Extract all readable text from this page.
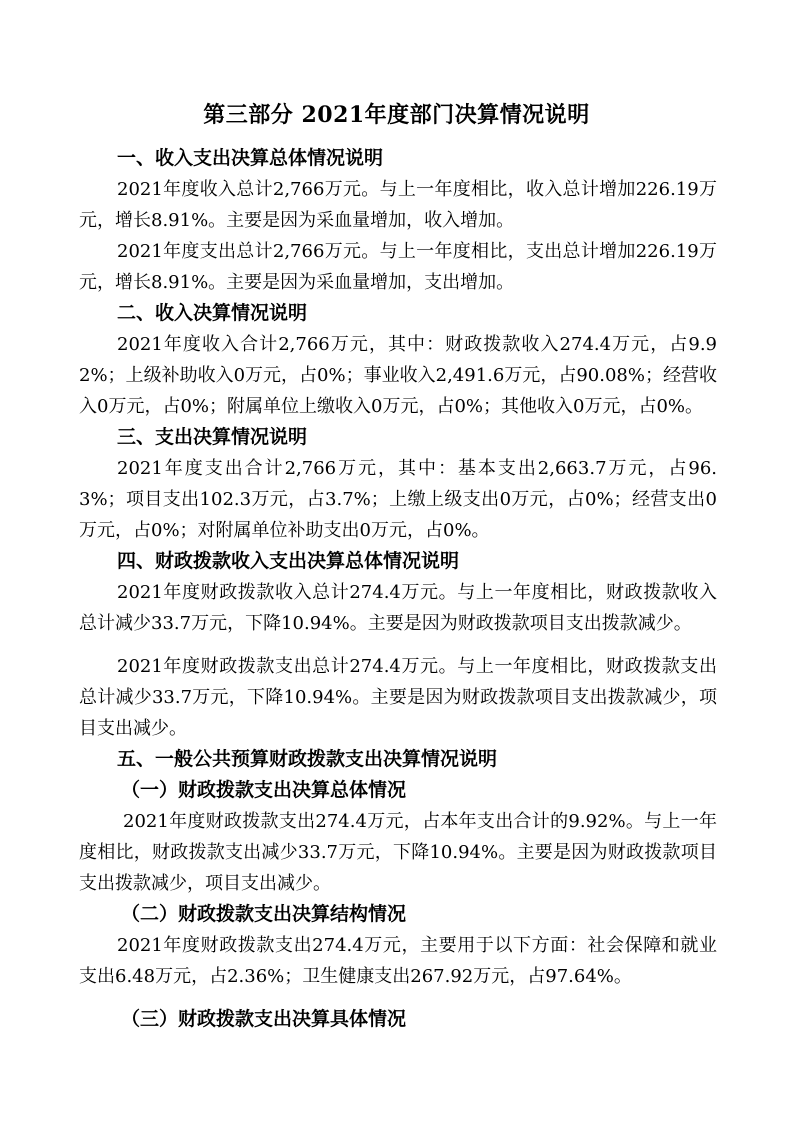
第三部分 2021年度部门决算情况说明
一、收入支出决算总体情况说明

2021年度收入总计2,766万元。与上一年度相比，收入总计增加226.19万元，增长8.91%。主要是因为采血量增加，收入增加。

2021年度支出总计2,766万元。与上一年度相比，支出总计增加226.19万元，增长8.91%。主要是因为采血量增加，支出增加。

二、收入决算情况说明

2021年度收入合计2,766万元，其中：财政拨款收入274.4万元，占9.92%；上级补助收入0万元，占0%；事业收入2,491.6万元，占90.08%；经营收入0万元，占0%；附属单位上缴收入0万元，占0%；其他收入0万元，占0%。

三、支出决算情况说明

2021年度支出合计2,766万元，其中：基本支出2,663.7万元，占96.3%；项目支出102.3万元，占3.7%；上缴上级支出0万元，占0%；经营支出0万元，占0%；对附属单位补助支出0万元，占0%。

四、财政拨款收入支出决算总体情况说明

2021年度财政拨款收入总计274.4万元。与上一年度相比，财政拨款收入总计减少33.7万元，下降10.94%。主要是因为财政拨款项目支出拨款减少。

2021年度财政拨款支出总计274.4万元。与上一年度相比，财政拨款支出总计减少33.7万元，下降10.94%。主要是因为财政拨款项目支出拨款减少，项目支出减少。

五、一般公共预算财政拨款支出决算情况说明
（一）财政拨款支出决算总体情况

2021年度财政拨款支出274.4万元，占本年支出合计的9.92%。与上一年度相比，财政拨款支出减少33.7万元，下降10.94%。主要是因为财政拨款项目支出拨款减少，项目支出减少。

（二）财政拨款支出决算结构情况

2021年度财政拨款支出274.4万元，主要用于以下方面：社会保障和就业支出6.48万元，占2.36%；卫生健康支出267.92万元，占97.64%。

（三）财政拨款支出决算具体情况
